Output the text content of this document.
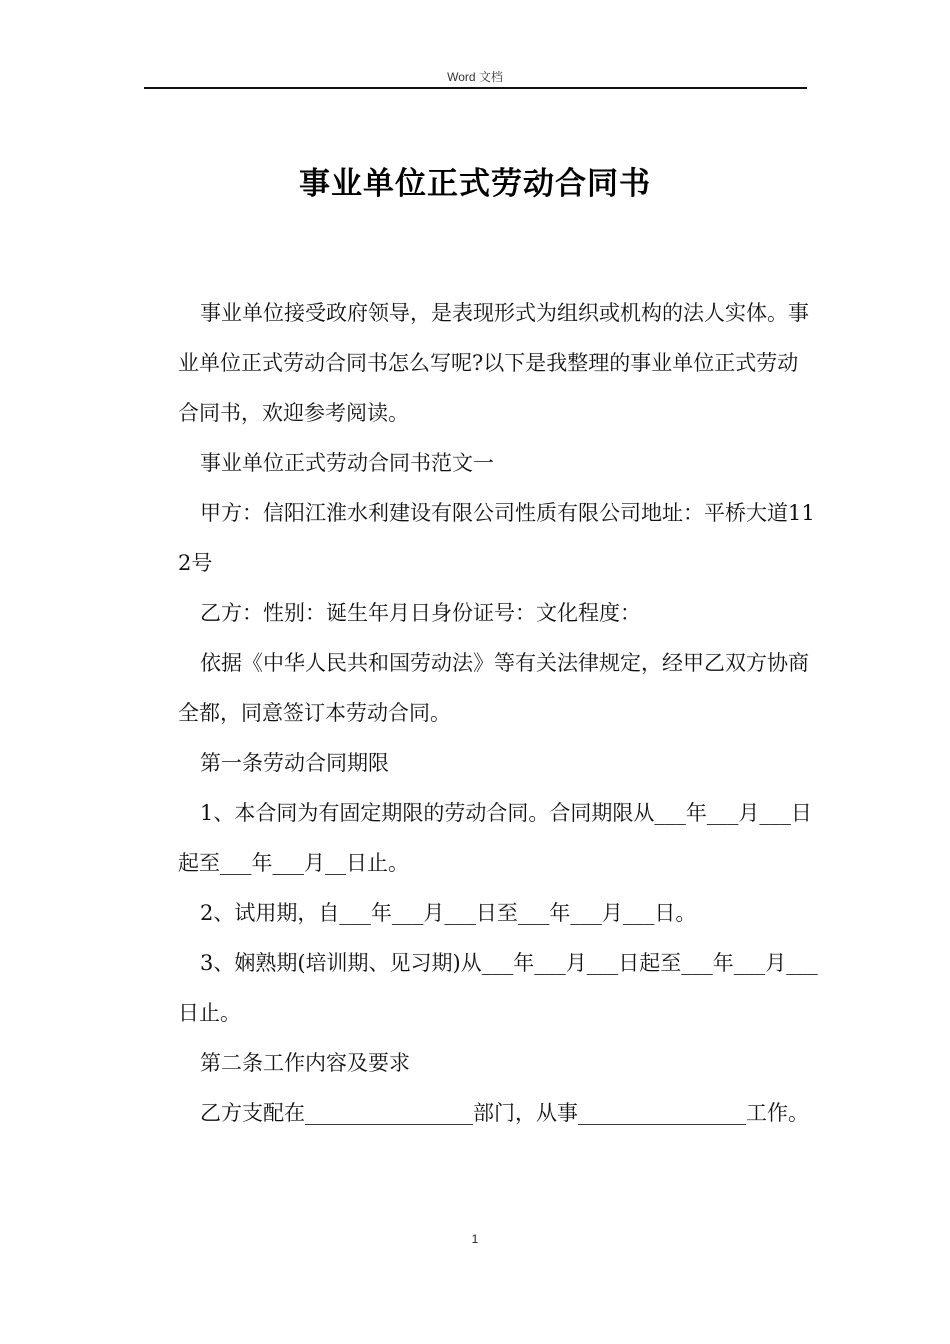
Word 文档
事业单位正式劳动合同书

事业单位接受政府领导，是表现形式为组织或机构的法人实体。事业单位正式劳动合同书怎么写呢?以下是我整理的事业单位正式劳动合同书，欢迎参考阅读。

事业单位正式劳动合同书范文一

甲方：信阳江淮水利建设有限公司性质有限公司地址：平桥大道112号

乙方：性别：诞生年月日身份证号：文化程度：

依据《中华人民共和国劳动法》等有关法律规定，经甲乙双方协商全都，同意签订本劳动合同。

第一条劳动合同期限

1、本合同为有固定期限的劳动合同。合同期限从___年___月___日起至___年___月__日止。

2、试用期，自___年___月___日至___年___月___日。

3、娴熟期(培训期、见习期)从___年___月___日起至___年___月___日止。

第二条工作内容及要求

乙方支配在________________部门，从事________________工作。

1
